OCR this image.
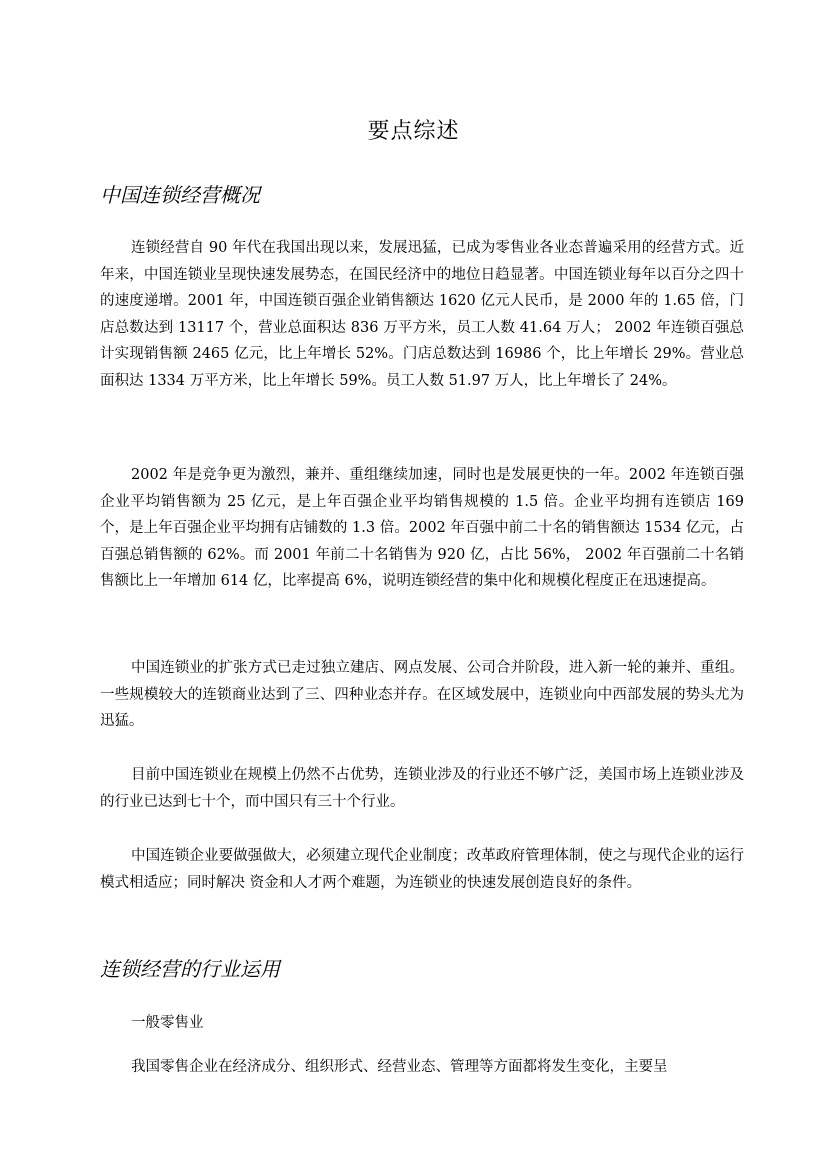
要点综述
中国连锁经营概况

连锁经营自 90 年代在我国出现以来，发展迅猛，已成为零售业各业态普遍采用的经营方式。近年来，中国连锁业呈现快速发展势态，在国民经济中的地位日趋显著。中国连锁业每年以百分之四十的速度递增。2001 年，中国连锁百强企业销售额达 1620 亿元人民币，是 2000 年的 1.65 倍，门店总数达到 13117 个，营业总面积达 836 万平方米，员工人数 41.64 万人； 2002 年连锁百强总计实现销售额 2465 亿元，比上年增长 52%。门店总数达到 16986 个，比上年增长 29%。营业总面积达 1334 万平方米，比上年增长 59%。员工人数 51.97 万人，比上年增长了 24%。

2002 年是竞争更为激烈，兼并、重组继续加速，同时也是发展更快的一年。2002 年连锁百强企业平均销售额为 25 亿元，是上年百强企业平均销售规模的 1.5 倍。企业平均拥有连锁店 169 个，是上年百强企业平均拥有店铺数的 1.3 倍。2002 年百强中前二十名的销售额达 1534 亿元，占百强总销售额的 62%。而 2001 年前二十名销售为 920 亿，占比 56%， 2002 年百强前二十名销售额比上一年增加 614 亿，比率提高 6%，说明连锁经营的集中化和规模化程度正在迅速提高。

中国连锁业的扩张方式已走过独立建店、网点发展、公司合并阶段，进入新一轮的兼并、重组。一些规模较大的连锁商业达到了三、四种业态并存。在区域发展中，连锁业向中西部发展的势头尤为迅猛。

目前中国连锁业在规模上仍然不占优势，连锁业涉及的行业还不够广泛，美国市场上连锁业涉及的行业已达到七十个，而中国只有三十个行业。

中国连锁企业要做强做大，必须建立现代企业制度；改革政府管理体制，使之与现代企业的运行模式相适应；同时解决 资金和人才两个难题，为连锁业的快速发展创造良好的条件。

连锁经营的行业运用
一般零售业

我国零售企业在经济成分、组织形式、经营业态、管理等方面都将发生变化，主要呈
